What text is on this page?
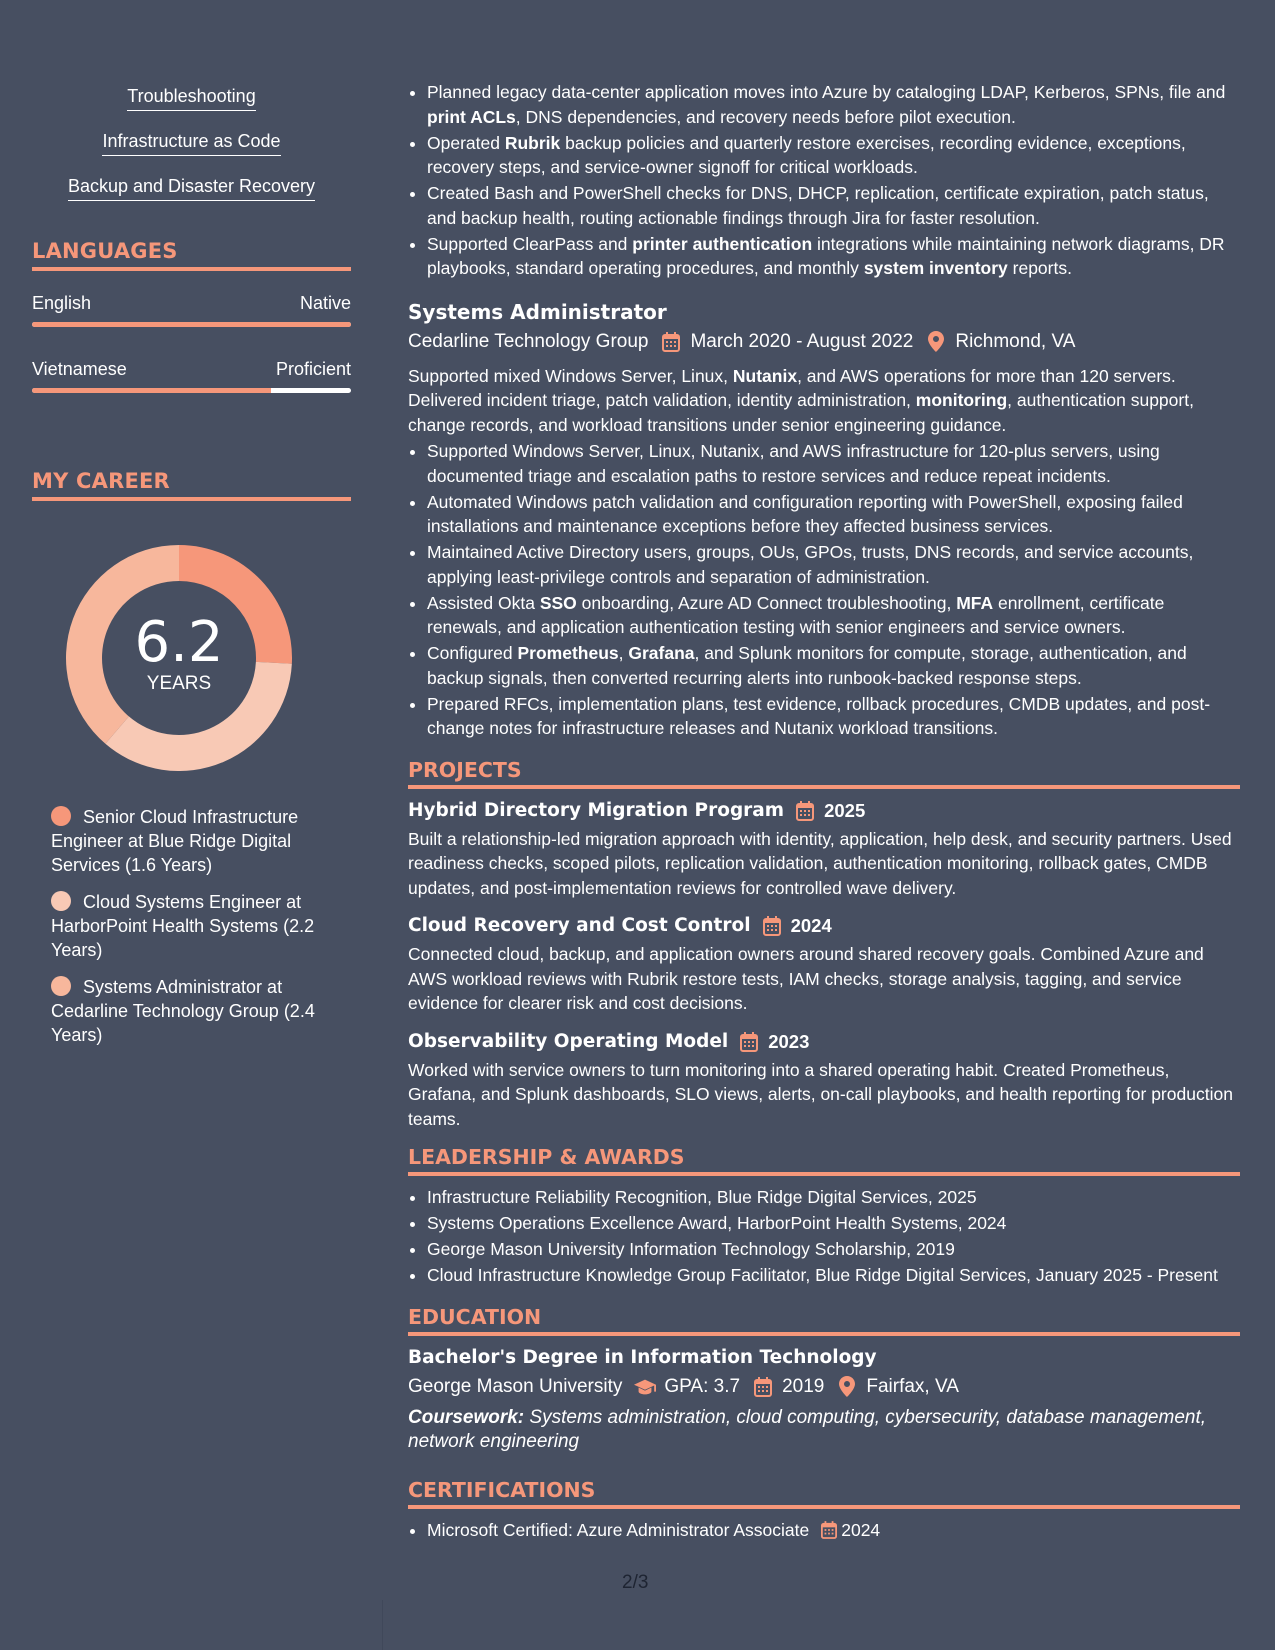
Troubleshooting
Infrastructure as Code
Backup and Disaster Recovery
LANGUAGES
English	Native
Vietnamese	Proficient
MY CAREER
6.2
YEARS
Senior Cloud Infrastructure Engineer at Blue Ridge Digital Services (1.6 Years)
Cloud Systems Engineer at HarborPoint Health Systems (2.2 Years)
Systems Administrator at Cedarline Technology Group (2.4 Years)
• Planned legacy data-center application moves into Azure by cataloging LDAP, Kerberos, SPNs, file and print ACLs, DNS dependencies, and recovery needs before pilot execution.
• Operated Rubrik backup policies and quarterly restore exercises, recording evidence, exceptions, recovery steps, and service-owner signoff for critical workloads.
• Created Bash and PowerShell checks for DNS, DHCP, replication, certificate expiration, patch status, and backup health, routing actionable findings through Jira for faster resolution.
• Supported ClearPass and printer authentication integrations while maintaining network diagrams, DR playbooks, standard operating procedures, and monthly system inventory reports.
Systems Administrator
Cedarline Technology Group March 2020 - August 2022 Richmond, VA
Supported mixed Windows Server, Linux, Nutanix, and AWS operations for more than 120 servers. Delivered incident triage, patch validation, identity administration, monitoring, authentication support, change records, and workload transitions under senior engineering guidance.
• Supported Windows Server, Linux, Nutanix, and AWS infrastructure for 120-plus servers, using documented triage and escalation paths to restore services and reduce repeat incidents.
• Automated Windows patch validation and configuration reporting with PowerShell, exposing failed installations and maintenance exceptions before they affected business services.
• Maintained Active Directory users, groups, OUs, GPOs, trusts, DNS records, and service accounts, applying least-privilege controls and separation of administration.
• Assisted Okta SSO onboarding, Azure AD Connect troubleshooting, MFA enrollment, certificate renewals, and application authentication testing with senior engineers and service owners.
• Configured Prometheus, Grafana, and Splunk monitors for compute, storage, authentication, and backup signals, then converted recurring alerts into runbook-backed response steps.
• Prepared RFCs, implementation plans, test evidence, rollback procedures, CMDB updates, and post-change notes for infrastructure releases and Nutanix workload transitions.
PROJECTS
Hybrid Directory Migration Program 2025
Built a relationship-led migration approach with identity, application, help desk, and security partners. Used readiness checks, scoped pilots, replication validation, authentication monitoring, rollback gates, CMDB updates, and post-implementation reviews for controlled wave delivery.
Cloud Recovery and Cost Control 2024
Connected cloud, backup, and application owners around shared recovery goals. Combined Azure and AWS workload reviews with Rubrik restore tests, IAM checks, storage analysis, tagging, and service evidence for clearer risk and cost decisions.
Observability Operating Model 2023
Worked with service owners to turn monitoring into a shared operating habit. Created Prometheus, Grafana, and Splunk dashboards, SLO views, alerts, on-call playbooks, and health reporting for production teams.
LEADERSHIP & AWARDS
• Infrastructure Reliability Recognition, Blue Ridge Digital Services, 2025
• Systems Operations Excellence Award, HarborPoint Health Systems, 2024
• George Mason University Information Technology Scholarship, 2019
• Cloud Infrastructure Knowledge Group Facilitator, Blue Ridge Digital Services, January 2025 - Present
EDUCATION
Bachelor's Degree in Information Technology
George Mason University GPA: 3.7 2019 Fairfax, VA
Coursework: Systems administration, cloud computing, cybersecurity, database management, network engineering
CERTIFICATIONS
• Microsoft Certified: Azure Administrator Associate 2024
2/3
